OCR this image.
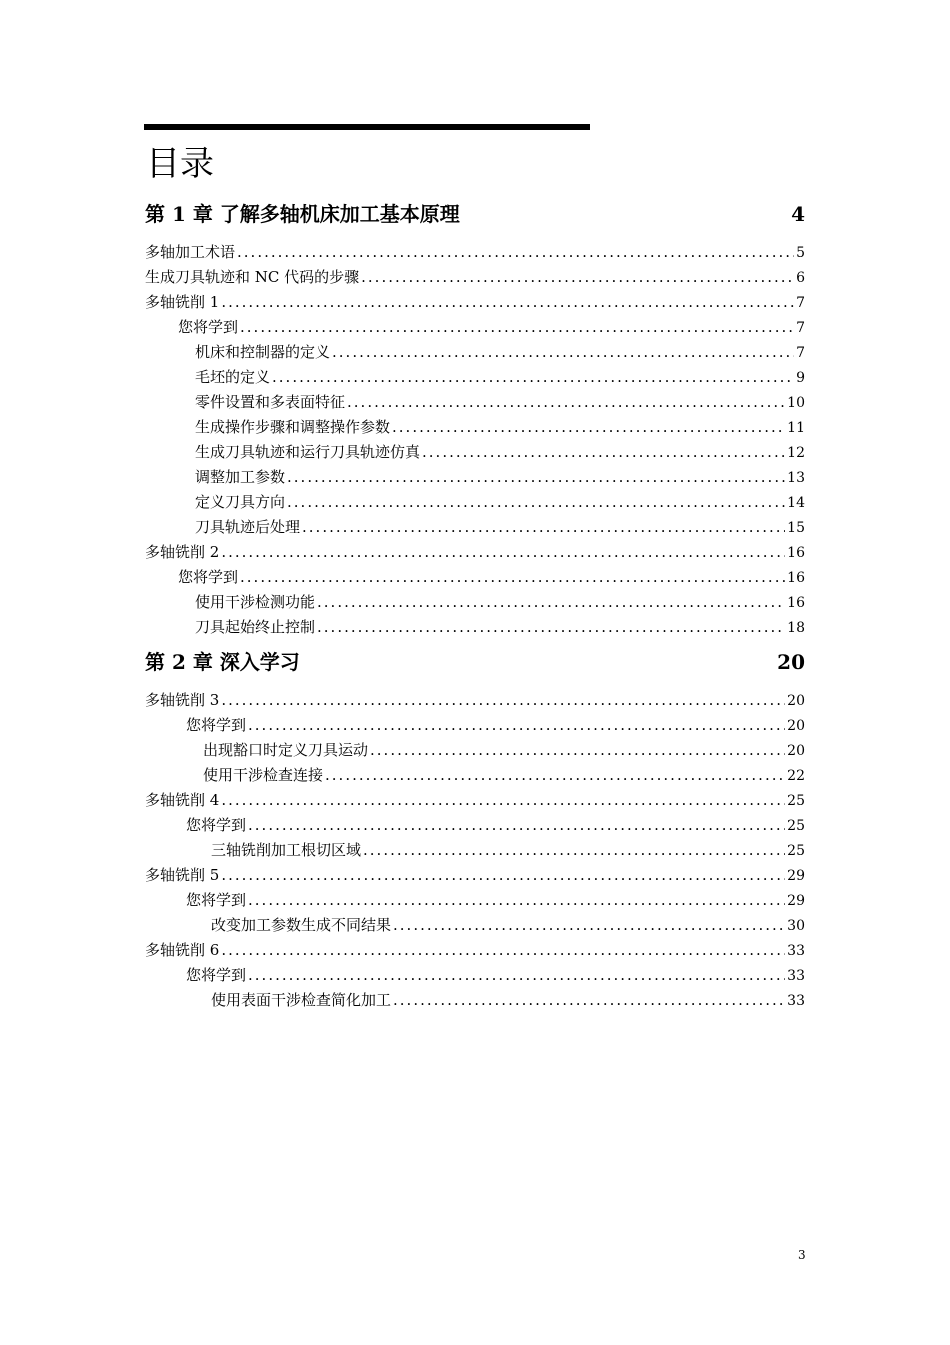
目录
第 1 章 了解多轴机床加工基本原理	4
多轴加工术语 .....	5
生成刀具轨迹和 NC 代码的步骤 .....	6
多轴铣削 1 .....	7
您将学到 .....	7
机床和控制器的定义 .....	7
毛坯的定义 .....	9
零件设置和多表面特征 .....	10
生成操作步骤和调整操作参数 .....	11
生成刀具轨迹和运行刀具轨迹仿真 .....	12
调整加工参数 .....	13
定义刀具方向 .....	14
刀具轨迹后处理 .....	15
多轴铣削 2 .....	16
您将学到 .....	16
使用干涉检测功能 .....	16
刀具起始终止控制 .....	18
第 2 章 深入学习	20
多轴铣削 3 .....	20
您将学到 .....	20
出现豁口时定义刀具运动 .....	20
使用干涉检查连接 .....	22
多轴铣削 4 .....	25
您将学到 .....	25
三轴铣削加工根切区域 .....	25
多轴铣削 5 .....	29
您将学到 .....	29
改变加工参数生成不同结果 .....	30
多轴铣削 6 .....	33
您将学到 .....	33
使用表面干涉检查简化加工 .....	33
3
